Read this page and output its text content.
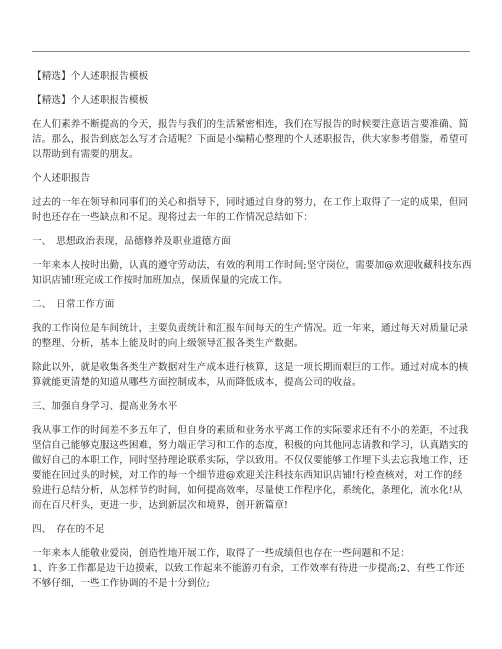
【精选】个人述职报告模板

【精选】个人述职报告模板

在人们素养不断提高的今天，报告与我们的生活紧密相连，我们在写报告的时候要注意语言要准确、简洁。那么，报告到底怎么写才合适呢？下面是小编精心整理的个人述职报告，供大家参考借鉴，希望可以帮助到有需要的朋友。

个人述职报告

过去的一年在领导和同事们的关心和指导下，同时通过自身的努力，在工作上取得了一定的成果，但同时也还存在一些缺点和不足。现将过去一年的工作情况总结如下：

一、　思想政治表现，品德修养及职业道德方面

一年来本人按时出勤，认真的遵守劳动法，有效的利用工作时间;坚守岗位，需要加@欢迎收藏科技东西知识店铺!班完成工作按时加班加点，保质保量的完成工作。

二、　日常工作方面

我的工作岗位是车间统计，主要负责统计和汇报车间每天的生产情况。近一年来，通过每天对质量记录的整理、分析，基本上能及时的向上级领导汇报各类生产数据。

除此以外，就是收集各类生产数据对生产成本进行核算，这是一项长期而艰巨的工作。通过对成本的核算就能更清楚的知道从哪些方面控制成本，从而降低成本，提高公司的收益。

三、加强自身学习、提高业务水平

我从事工作的时间差不多五年了，但自身的素质和业务水平离工作的实际要求还有不小的差距，不过我坚信自己能够克服这些困难，努力端正学习和工作的态度，积极的向其他同志请教和学习，认真踏实的做好自己的本职工作，同时坚持理论联系实际，学以致用。不仅仅要能够工作埋下头去忘我地工作，还要能在回过头的时候，对工作的每一个细节进@欢迎关注科技东西知识店铺!行检查核对，对工作的经验进行总结分析，从怎样节约时间，如何提高效率，尽量使工作程序化，系统化，条理化，流水化!从而在百尺杆头，更进一步，达到新层次和境界，创开新篇章!

四、　存在的不足

一年来本人能敬业爱岗，创造性地开展工作，取得了一些成绩但也存在一些问题和不足：

1、许多工作都是边干边摸索，以致工作起来不能游刃有余，工作效率有待进一步提高;2、有些工作还不够仔细，一些工作协调的不是十分到位;
